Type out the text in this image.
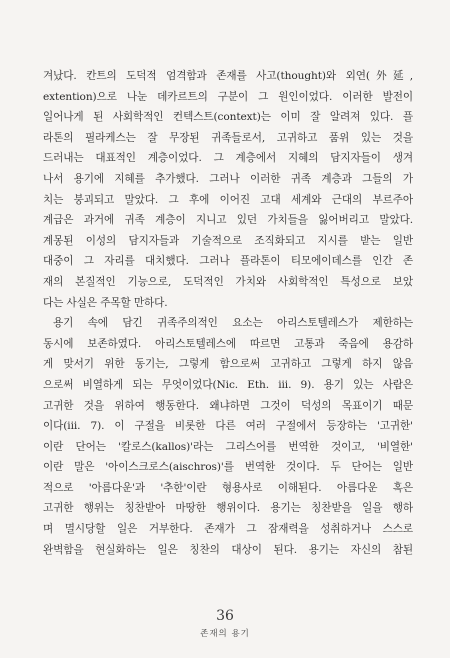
겨났다. 칸트의 도덕적 엄격함과 존재를 사고(thought)와 외연(外延,
extention)으로 나눈 데카르트의 구분이 그 원인이었다. 이러한 발전이
일어나게 된 사회학적인 컨텍스트(context)는 이미 잘 알려져 있다. 플
라톤의 필라케스는 잘 무장된 귀족들로서, 고귀하고 품위 있는 것을
드러내는 대표적인 계층이었다. 그 계층에서 지혜의 담지자들이 생겨
나서 용기에 지혜를 추가했다. 그러나 이러한 귀족 계층과 그들의 가
치는 붕괴되고 말았다. 그 후에 이어진 고대 세계와 근대의 부르주아
계급은 과거에 귀족 계층이 지니고 있던 가치들을 잃어버리고 말았다.
계몽된 이성의 담지자들과 기술적으로 조직화되고 지시를 받는 일반
대중이 그 자리를 대치했다. 그러나 플라톤이 티모에이데스를 인간 존
재의 본질적인 기능으로, 도덕적인 가치와 사회학적인 특성으로 보았
다는 사실은 주목할 만하다.
용기 속에 담긴 귀족주의적인 요소는 아리스토텔레스가 제한하는
동시에 보존하였다. 아리스토텔레스에 따르면 고통과 죽음에 용감하
게 맞서기 위한 동기는, 그렇게 함으로써 고귀하고 그렇게 하지 않음
으로써 비열하게 되는 무엇이었다(Nic. Eth. iii. 9). 용기 있는 사람은
고귀한 것을 위하여 행동한다. 왜냐하면 그것이 덕성의 목표이기 때문
이다(iii. 7). 이 구절을 비롯한 다른 여러 구절에서 등장하는 '고귀한'
이란 단어는 '칼로스(kallos)'라는 그리스어를 번역한 것이고, '비열한'
이란 말은 '아이스크로스(aischros)'를 번역한 것이다. 두 단어는 일반
적으로 '아름다운'과 '추한'이란 형용사로 이해된다. 아름다운 혹은
고귀한 행위는 칭찬받아 마땅한 행위이다. 용기는 칭찬받을 일을 행하
며 멸시당할 일은 거부한다. 존재가 그 잠재력을 성취하거나 스스로
완벽함을 현실화하는 일은 칭찬의 대상이 된다. 용기는 자신의 참된
36
존재의 용기
